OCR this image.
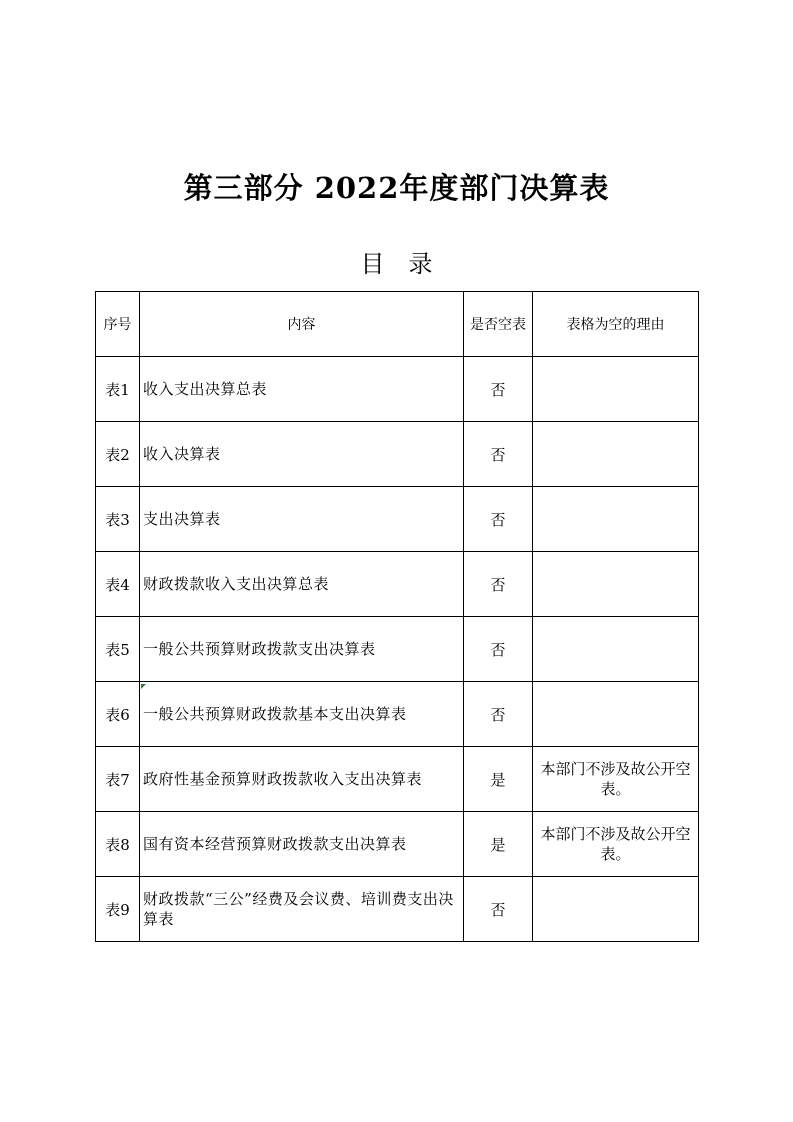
第三部分 2022年度部门决算表
目录
序号	内容	是否空表	表格为空的理由
表1	收入支出决算总表	否	
表2	收入决算表	否	
表3	支出决算表	否	
表4	财政拨款收入支出决算总表	否	
表5	一般公共预算财政拨款支出决算表	否	
表6	一般公共预算财政拨款基本支出决算表	否	
表7	政府性基金预算财政拨款收入支出决算表	是	本部门不涉及故公开空表。
表8	国有资本经营预算财政拨款支出决算表	是	本部门不涉及故公开空表。
表9	财政拨款“三公”经费及会议费、培训费支出决算表	否	
